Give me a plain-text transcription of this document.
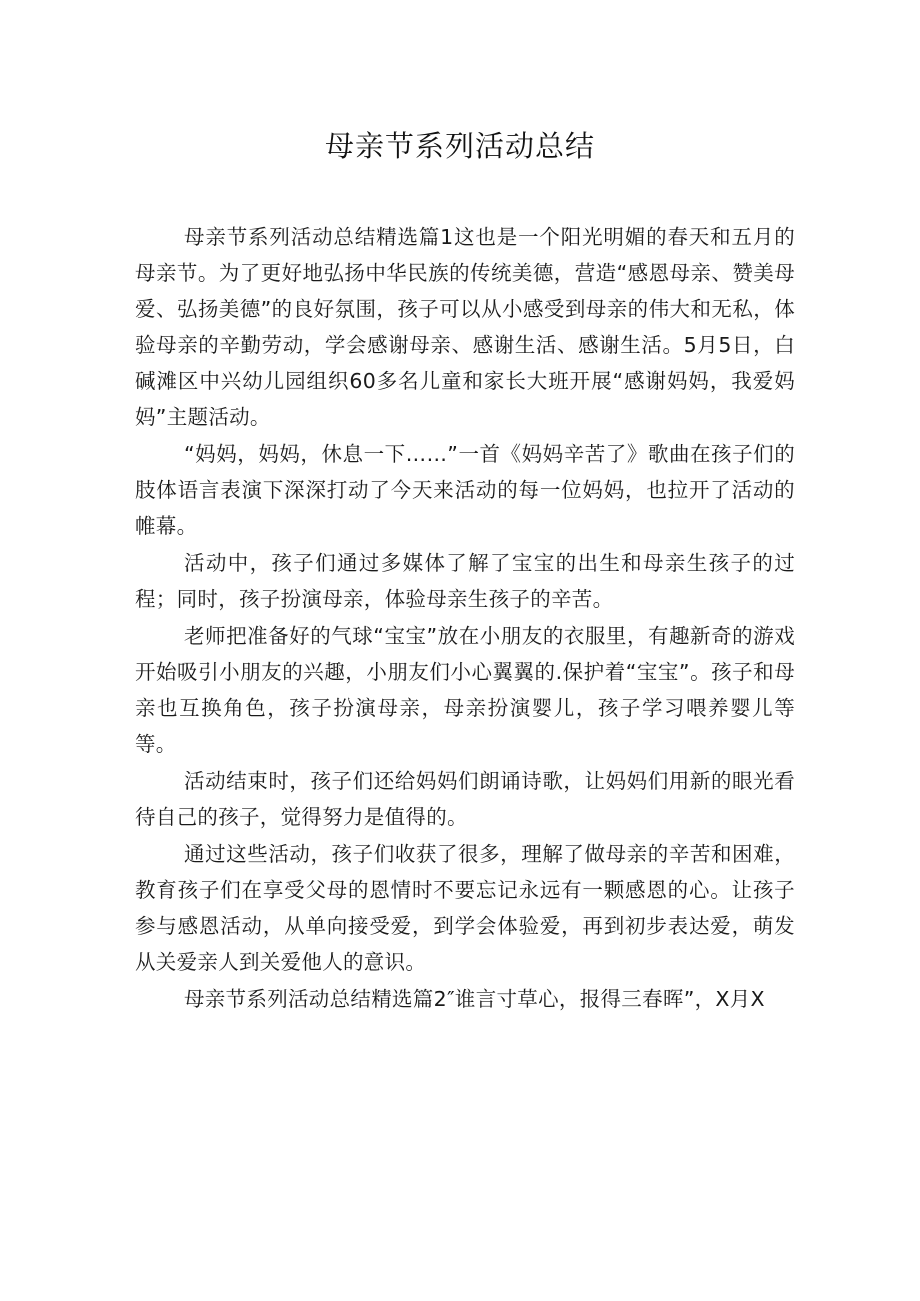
母亲节系列活动总结

母亲节系列活动总结精选篇1这也是一个阳光明媚的春天和五月的母亲节。为了更好地弘扬中华民族的传统美德，营造“感恩母亲、赞美母爱、弘扬美德”的良好氛围，孩子可以从小感受到母亲的伟大和无私，体验母亲的辛勤劳动，学会感谢母亲、感谢生活、感谢生活。5月5日，白碱滩区中兴幼儿园组织60多名儿童和家长大班开展“感谢妈妈，我爱妈妈”主题活动。

“妈妈，妈妈，休息一下……”一首《妈妈辛苦了》歌曲在孩子们的肢体语言表演下深深打动了今天来活动的每一位妈妈，也拉开了活动的帷幕。

活动中，孩子们通过多媒体了解了宝宝的出生和母亲生孩子的过程；同时，孩子扮演母亲，体验母亲生孩子的辛苦。

老师把准备好的气球“宝宝”放在小朋友的衣服里，有趣新奇的游戏开始吸引小朋友的兴趣，小朋友们小心翼翼的.保护着“宝宝”。孩子和母亲也互换角色，孩子扮演母亲，母亲扮演婴儿，孩子学习喂养婴儿等等。

活动结束时，孩子们还给妈妈们朗诵诗歌，让妈妈们用新的眼光看待自己的孩子，觉得努力是值得的。

通过这些活动，孩子们收获了很多，理解了做母亲的辛苦和困难，教育孩子们在享受父母的恩情时不要忘记永远有一颗感恩的心。让孩子参与感恩活动，从单向接受爱，到学会体验爱，再到初步表达爱，萌发从关爱亲人到关爱他人的意识。

母亲节系列活动总结精选篇2″谁言寸草心，报得三春晖”，X月X
